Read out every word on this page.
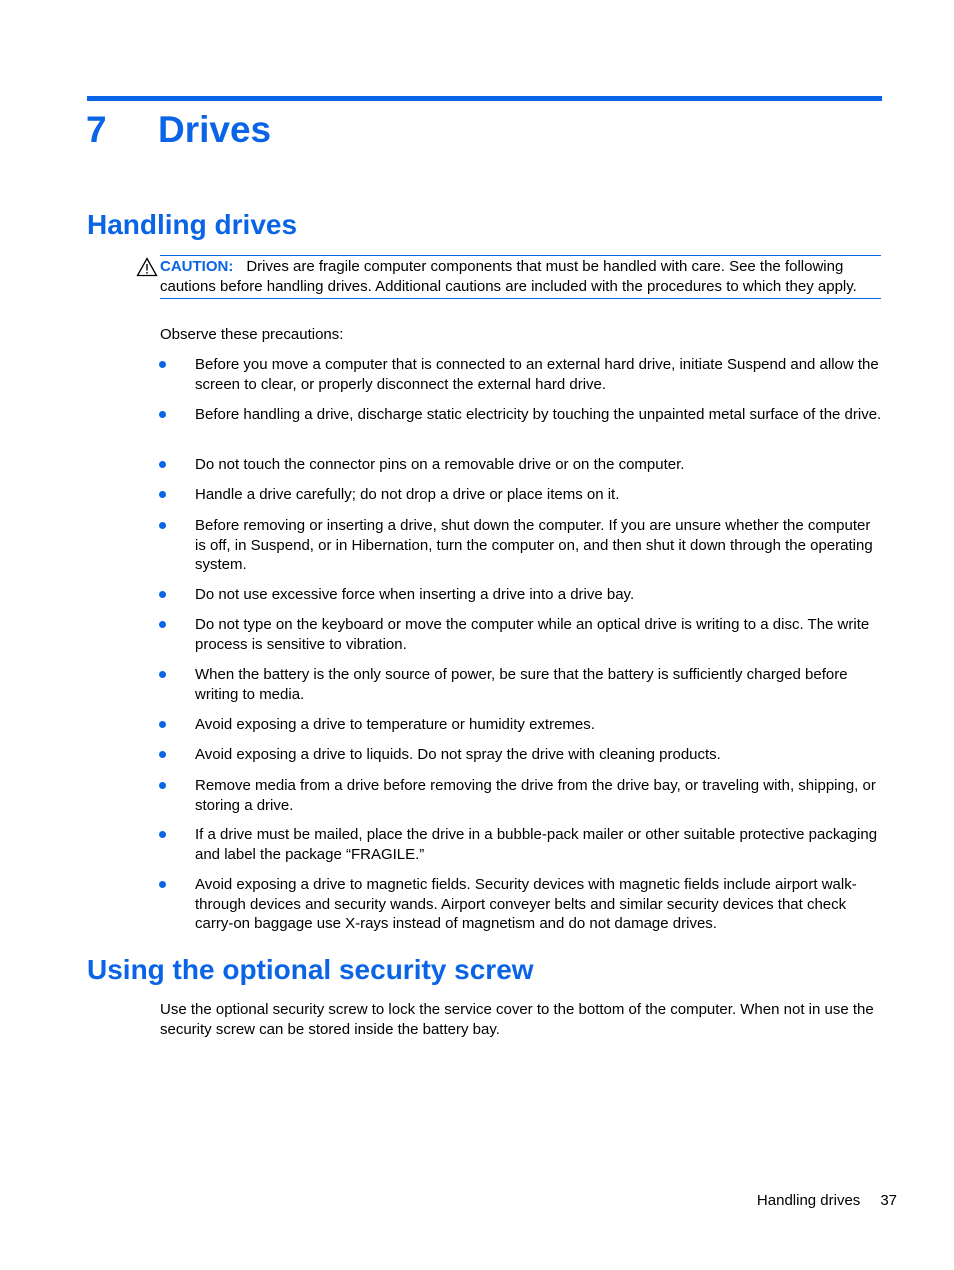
7 Drives
Handling drives
CAUTION: Drives are fragile computer components that must be handled with care. See the following cautions before handling drives. Additional cautions are included with the procedures to which they apply.

Observe these precautions:

Before you move a computer that is connected to an external hard drive, initiate Suspend and allow the screen to clear, or properly disconnect the external hard drive.
Before handling a drive, discharge static electricity by touching the unpainted metal surface of the drive.
Do not touch the connector pins on a removable drive or on the computer.
Handle a drive carefully; do not drop a drive or place items on it.
Before removing or inserting a drive, shut down the computer. If you are unsure whether the computer is off, in Suspend, or in Hibernation, turn the computer on, and then shut it down through the operating system.
Do not use excessive force when inserting a drive into a drive bay.
Do not type on the keyboard or move the computer while an optical drive is writing to a disc. The write process is sensitive to vibration.
When the battery is the only source of power, be sure that the battery is sufficiently charged before writing to media.
Avoid exposing a drive to temperature or humidity extremes.
Avoid exposing a drive to liquids. Do not spray the drive with cleaning products.
Remove media from a drive before removing the drive from the drive bay, or traveling with, shipping, or storing a drive.
If a drive must be mailed, place the drive in a bubble-pack mailer or other suitable protective packaging and label the package “FRAGILE.”
Avoid exposing a drive to magnetic fields. Security devices with magnetic fields include airport walk-through devices and security wands. Airport conveyer belts and similar security devices that check carry-on baggage use X-rays instead of magnetism and do not damage drives.
Using the optional security screw

Use the optional security screw to lock the service cover to the bottom of the computer. When not in use the security screw can be stored inside the battery bay.

Handling drives 37
